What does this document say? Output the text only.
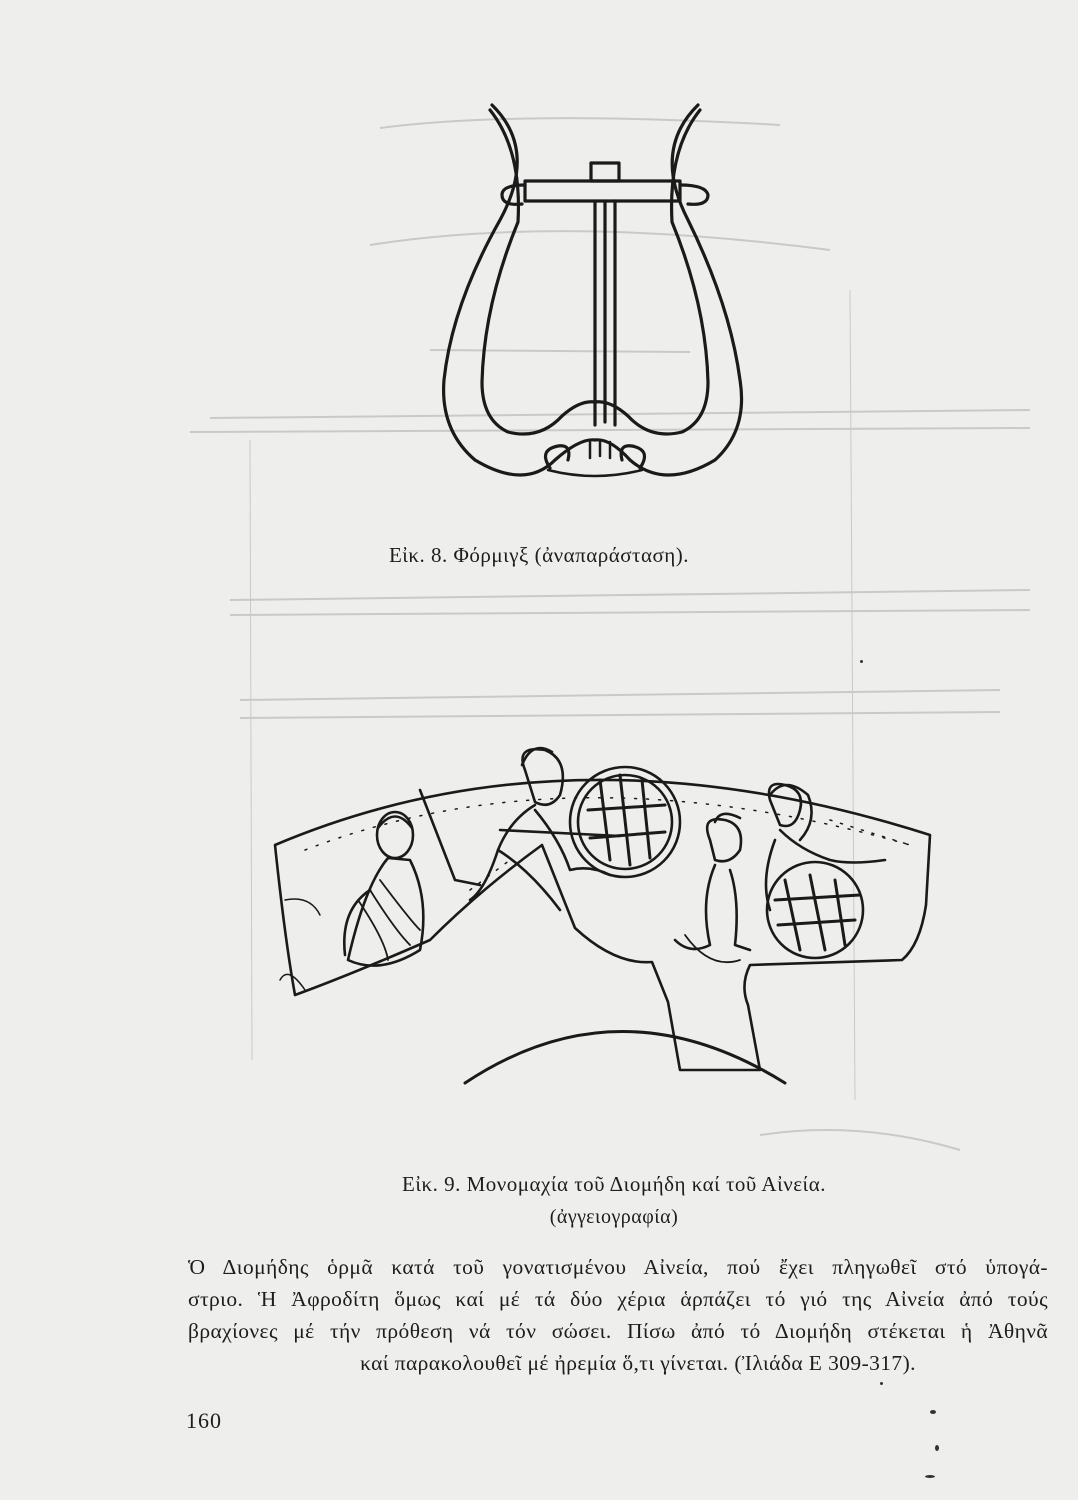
Εἰκ. 8. Φόρμιγξ (ἀναπαράσταση).
Εἰκ. 9. Μονομαχία τοῦ Διομήδη καί τοῦ Αἰνεία.
(ἀγγειογραφία)
Ὁ Διομήδης ὁρμᾶ κατά τοῦ γονατισμένου Αἰνεία, πού ἔχει πληγωθεῖ στό ὑπογά-
στριο. Ἡ Ἀφροδίτη ὅμως καί μέ τά δύο χέρια ἁρπάζει τό γιό της Αἰνεία ἀπό τούς
βραχίονες μέ τήν πρόθεση νά τόν σώσει. Πίσω ἀπό τό Διομήδη στέκεται ἡ Ἀθηνᾶ
καί παρακολουθεῖ μέ ἠρεμία ὅ,τι γίνεται. (Ἰλιάδα Ε 309-317).
160
